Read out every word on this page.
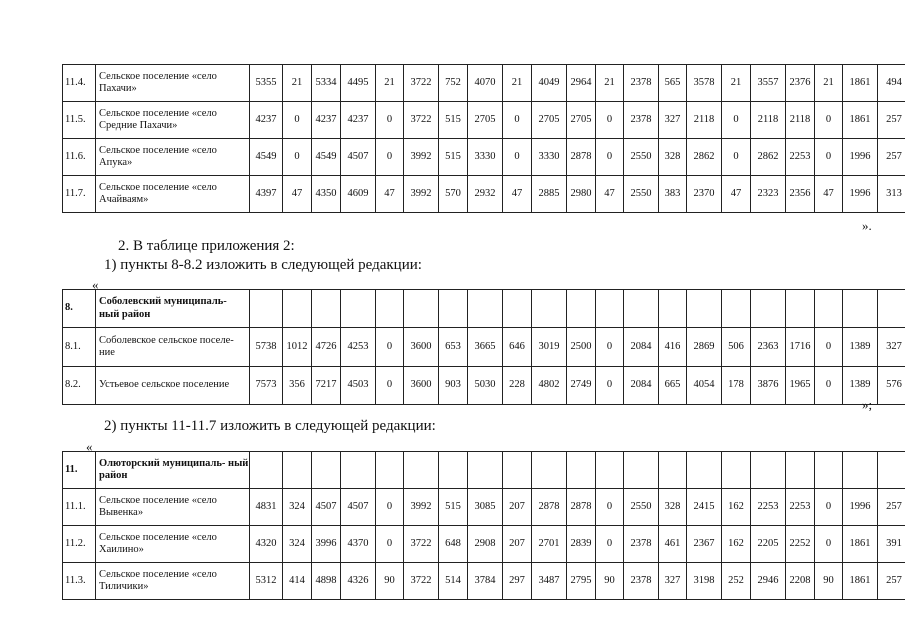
11.4.	Сельское поселение «село Пахачи»	5355	21	5334	4495	21	3722	752	4070	21	4049	2964	21	2378	565	3578	21	3557	2376	21	1861	494
11.5.	Сельское поселение «село Средние Пахачи»	4237	0	4237	4237	0	3722	515	2705	0	2705	2705	0	2378	327	2118	0	2118	2118	0	1861	257
11.6.	Сельское поселение «село Апука»	4549	0	4549	4507	0	3992	515	3330	0	3330	2878	0	2550	328	2862	0	2862	2253	0	1996	257
11.7.	Сельское поселение «село Ачайваям»	4397	47	4350	4609	47	3992	570	2932	47	2885	2980	47	2550	383	2370	47	2323	2356	47	1996	313
».
2. В таблице приложения 2:
1) пункты 8-8.2 изложить в следующей редакции:
«
8.	Соболевский муниципаль- ный район																					
8.1.	Соболевское сельское поселе- ние	5738	1012	4726	4253	0	3600	653	3665	646	3019	2500	0	2084	416	2869	506	2363	1716	0	1389	327
8.2.	Устьевое сельское поселение	7573	356	7217	4503	0	3600	903	5030	228	4802	2749	0	2084	665	4054	178	3876	1965	0	1389	576
»;
2) пункты 11-11.7 изложить в следующей редакции:
«
11.	Олюторский муниципаль- ный район																					
11.1.	Сельское поселение «село Вывенка»	4831	324	4507	4507	0	3992	515	3085	207	2878	2878	0	2550	328	2415	162	2253	2253	0	1996	257
11.2.	Сельское поселение «село Хаилино»	4320	324	3996	4370	0	3722	648	2908	207	2701	2839	0	2378	461	2367	162	2205	2252	0	1861	391
11.3.	Сельское поселение «село Тиличики»	5312	414	4898	4326	90	3722	514	3784	297	3487	2795	90	2378	327	3198	252	2946	2208	90	1861	257
